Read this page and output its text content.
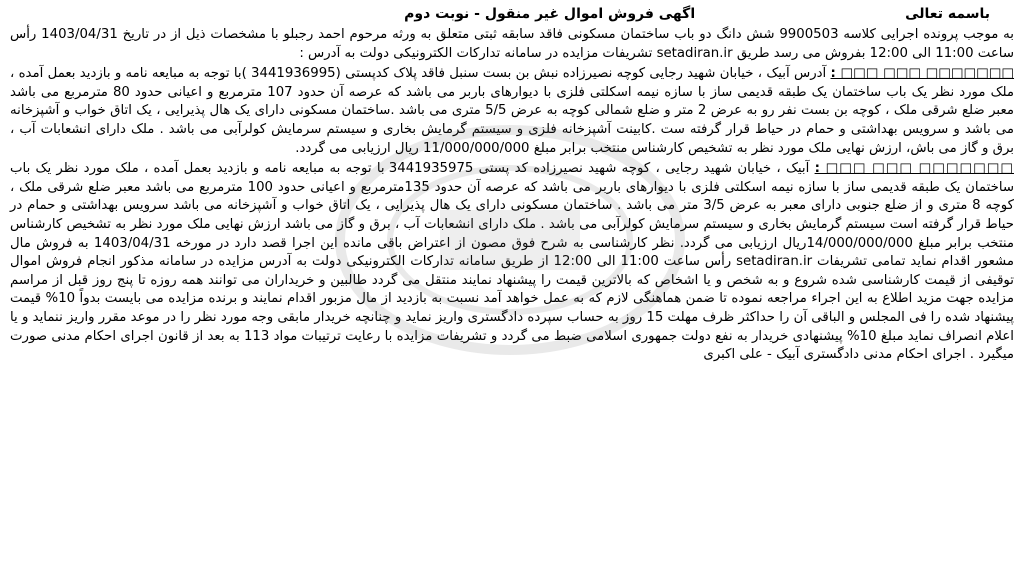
باسمه تعالی
اگهی فروش اموال غیر منقول - نوبت دوم

به موجب پرونده اجرایی کلاسه 9900503 شش دانگ دو باب ساختمان مسکونی فاقد سابقه ثبتی متعلق به ورثه مرحوم احمد رجبلو با مشخصات ذیل از در تاریخ 1403/04/31 رأس ساعت 11:00 الی 12:00 بفروش می رسد طریق setadiran.ir تشریفات مزایده در سامانه تدارکات الکترونیکی دولت به آدرس :

□□□□□□□ □□□ □□□ : آدرس آبیک ، خیابان شهید رجایی کوچه نصیرزاده نبش بن بست سنبل فاقد پلاک کدپستی (3441936995 )با توجه به مبایعه نامه و بازدید بعمل آمده ، ملک مورد نظر یک باب ساختمان یک طبقه قدیمی ساز با سازه نیمه اسکلتی فلزی با دیوارهای باربر می باشد که عرصه آن حدود 107 مترمربع و اعیانی حدود 80 مترمربع می باشد معبر ضلع شرقی ملک ، کوچه بن بست نفر رو به عرض 2 متر و ضلع شمالی کوچه به عرض 5/5 متری می باشد .ساختمان مسکونی دارای یک هال پذیرایی ، یک اتاق خواب و آشپزخانه می باشد و سرویس بهداشتی و حمام در حیاط قرار گرفته ست .کابینت آشپزخانه فلزی و سیستم گرمایش بخاری و سیستم سرمایش کولرآبی می باشد . ملک دارای انشعابات آب ، برق و گاز می باش، ارزش نهایی ملک مورد نظر به تشخیص کارشناس منتخب برابر مبلغ 11/000/000/000 ریال ارزیابی می گردد.

□□□□□□□ □□□ □□□ : آبیک ، خیابان شهید رجایی ، کوچه شهید نصیرزاده کد پستی 3441935975 با توجه به مبایعه نامه و بازدید بعمل آمده ، ملک مورد نظر یک باب ساختمان یک طبقه قدیمی ساز با سازه نیمه اسکلتی فلزی با دیوارهای باربر می باشد که عرصه آن حدود 135مترمربع و اعیانی حدود 100 مترمربع می باشد معبر ضلع شرقی ملک ، کوچه 8 متری و از ضلع جنوبی دارای معبر به عرض 3/5 متر می باشد . ساختمان مسکونی دارای یک هال پذیرایی ، یک اتاق خواب و آشپزخانه می باشد سرویس بهداشتی و حمام در حیاط قرار گرفته است سیستم گرمایش بخاری و سیستم سرمایش کولرآبی می باشد . ملک دارای انشعابات آب ، برق و گاز می باشد ارزش نهایی ملک مورد نظر به تشخیص کارشناس منتخب برابر مبلغ 14/000/000/000ریال ارزیابی می گردد. نظر کارشناسی به شرح فوق مصون از اعتراض باقی مانده این اجرا قصد دارد در مورخه 1403/04/31 به فروش مال مشعور اقدام نماید تمامی تشریفات setadiran.ir رأس ساعت 11:00 الی 12:00 از طریق سامانه تدارکات الکترونیکی دولت به آدرس مزایده در سامانه مذکور انجام فروش اموال توقیفی از قیمت کارشناسی شده شروع و به شخص و یا اشخاص که بالاترین قیمت را پیشنهاد نمایند منتقل می گردد طالبین و خریداران می توانند همه روزه تا پنج روز قبل از مراسم مزایده جهت مزید اطلاع به این اجراء مراجعه نموده تا ضمن هماهنگی لازم که به عمل خواهد آمد نسبت به بازدید از مال مزبور اقدام نمایند و برنده مزایده می بایست بدواً 10% قیمت پیشنهاد شده را فی المجلس و الباقی آن را حداکثر ظرف مهلت 15 روز به حساب سپرده دادگستری واریز نماید و چنانچه خریدار مابقی وجه مورد نظر را در موعد مقرر واریز ننماید و یا اعلام انصراف نماید مبلغ 10% پیشنهادی خریدار به نفع دولت جمهوری اسلامی ضبط می گردد و تشریفات مزایده با رعایت ترتیبات مواد 113 به بعد از قانون اجرای احکام مدنی صورت میگیرد . اجرای احکام مدنی دادگستری آبیک - علی اکبری
